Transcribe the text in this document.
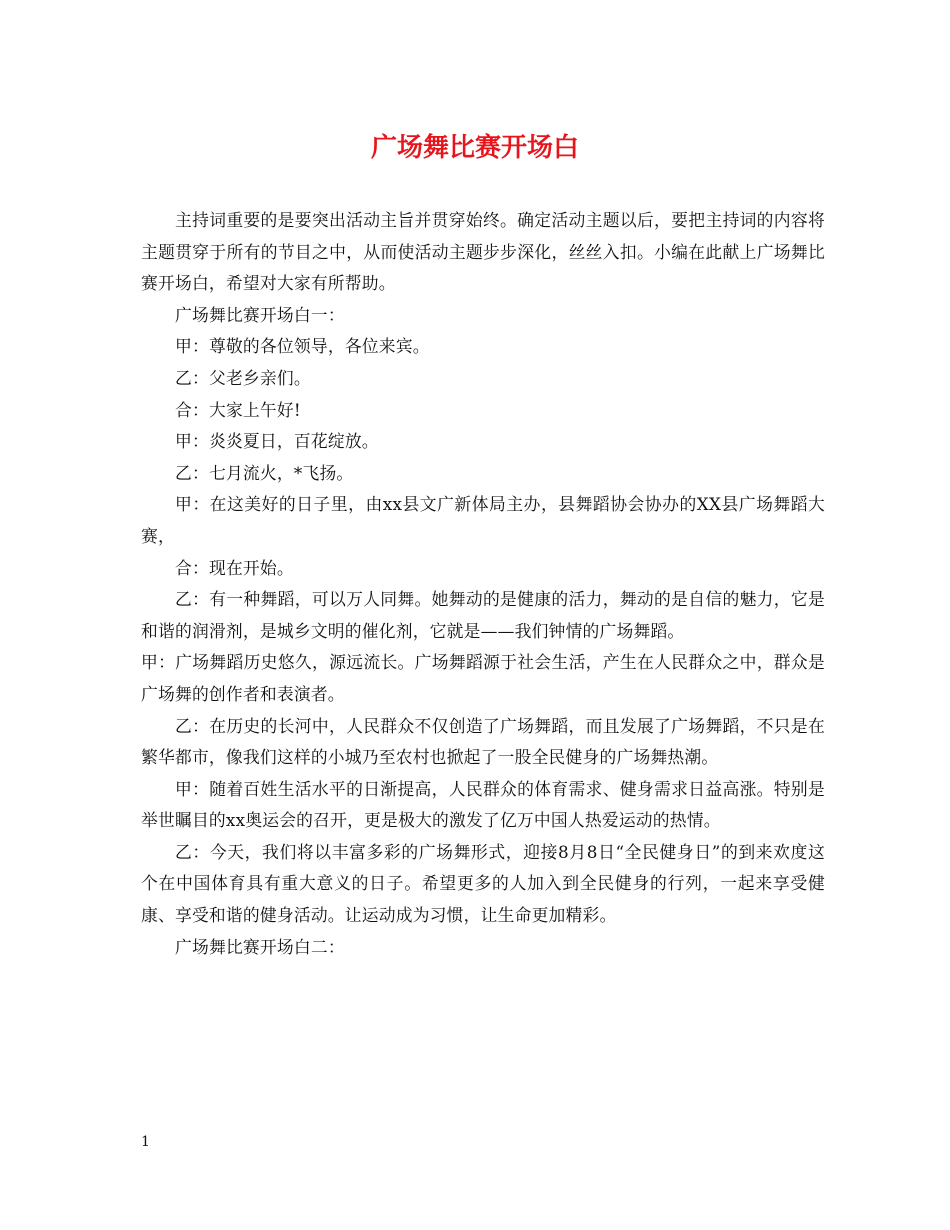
广场舞比赛开场白

主持词重要的是要突出活动主旨并贯穿始终。确定活动主题以后，要把主持词的内容将主题贯穿于所有的节目之中，从而使活动主题步步深化，丝丝入扣。小编在此献上广场舞比赛开场白，希望对大家有所帮助。

广场舞比赛开场白一：

甲：尊敬的各位领导，各位来宾。

乙：父老乡亲们。

合：大家上午好!

甲：炎炎夏日，百花绽放。

乙：七月流火，*飞扬。

甲：在这美好的日子里，由xx县文广新体局主办，县舞蹈协会协办的XX县广场舞蹈大赛，

合：现在开始。

乙：有一种舞蹈，可以万人同舞。她舞动的是健康的活力，舞动的是自信的魅力，它是和谐的润滑剂，是城乡文明的催化剂，它就是——我们钟情的广场舞蹈。

甲：广场舞蹈历史悠久，源远流长。广场舞蹈源于社会生活，产生在人民群众之中，群众是广场舞的创作者和表演者。

乙：在历史的长河中，人民群众不仅创造了广场舞蹈，而且发展了广场舞蹈，不只是在繁华都市，像我们这样的小城乃至农村也掀起了一股全民健身的广场舞热潮。

甲：随着百姓生活水平的日渐提高，人民群众的体育需求、健身需求日益高涨。特别是举世瞩目的xx奥运会的召开，更是极大的激发了亿万中国人热爱运动的热情。

乙：今天，我们将以丰富多彩的广场舞形式，迎接8月8日“全民健身日”的到来欢度这个在中国体育具有重大意义的日子。希望更多的人加入到全民健身的行列，一起来享受健康、享受和谐的健身活动。让运动成为习惯，让生命更加精彩。

广场舞比赛开场白二：

1
